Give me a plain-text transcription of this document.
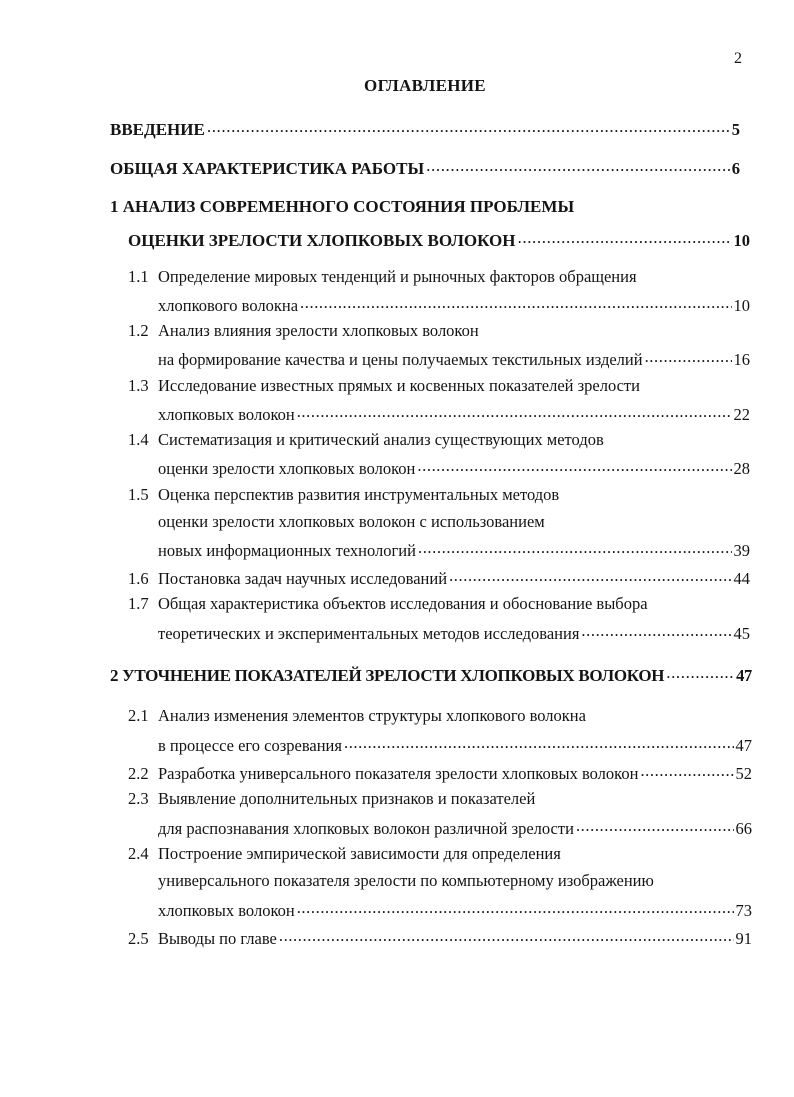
2
ОГЛАВЛЕНИЕ
ВВЕДЕНИЕ .....	5
ОБЩАЯ ХАРАКТЕРИСТИКА РАБОТЫ .....	6
1 АНАЛИЗ СОВРЕМЕННОГО СОСТОЯНИЯ ПРОБЛЕМЫ
ОЦЕНКИ ЗРЕЛОСТИ ХЛОПКОВЫХ ВОЛОКОН .....	10
1.1 Определение мировых тенденций и рыночных факторов обращения
хлопкового волокна .....	10
1.2 Анализ влияния зрелости хлопковых волокон
на формирование качества и цены получаемых текстильных изделий .....	16
1.3 Исследование известных прямых и косвенных показателей зрелости
хлопковых волокон .....	22
1.4 Систематизация и критический анализ существующих методов
оценки зрелости хлопковых волокон .....	28
1.5 Оценка перспектив развития инструментальных методов
оценки зрелости хлопковых волокон с использованием
новых информационных технологий .....	39
1.6 Постановка задач научных исследований .....	44
1.7 Общая характеристика объектов исследования и обоснование выбора
теоретических и экспериментальных методов исследования .....	45
2 УТОЧНЕНИЕ ПОКАЗАТЕЛЕЙ ЗРЕЛОСТИ ХЛОПКОВЫХ ВОЛОКОН .....	47
2.1 Анализ изменения элементов структуры хлопкового волокна
в процессе его созревания .....	47
2.2 Разработка универсального показателя зрелости хлопковых волокон .....	52
2.3 Выявление дополнительных признаков и показателей
для распознавания хлопковых волокон различной зрелости .....	66
2.4 Построение эмпирической зависимости для определения
универсального показателя зрелости по компьютерному изображению
хлопковых волокон .....	73
2.5 Выводы по главе .....	91
